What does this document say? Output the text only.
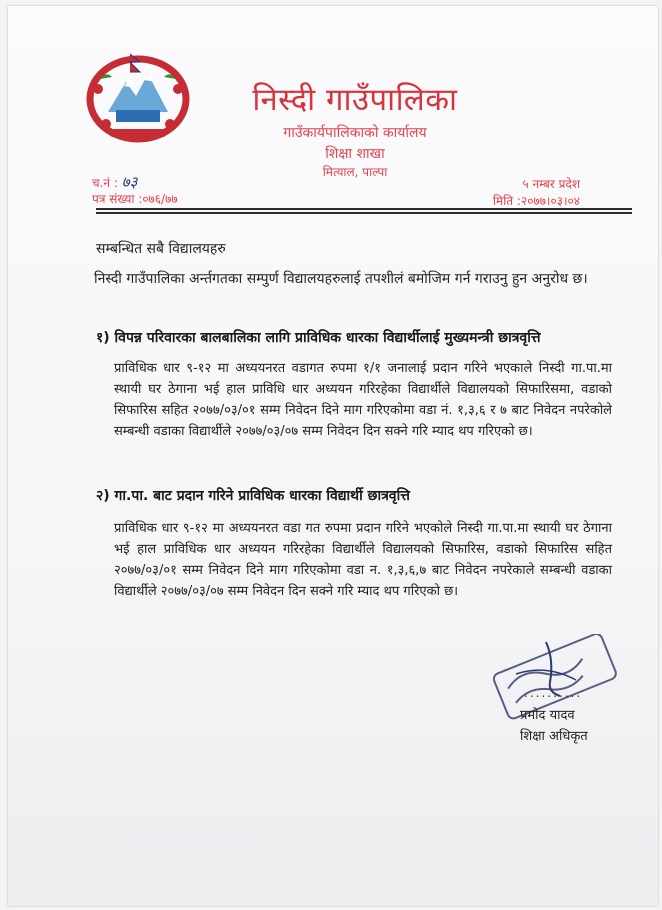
निस्दी गाउँपालिका
गाउँकार्यपालिकाको कार्यालय
शिक्षा शाखा
मित्याल, पाल्पा
च.नं : ७३
पत्र संख्या :०७६/७७
५ नम्बर प्रदेश
मिति :२०७७।०३।०४
सम्बन्धित सबै विद्यालयहरु
निस्दी गाउँपालिका अर्न्तगतका सम्पुर्ण विद्यालयहरुलाई तपशीलं बमोजिम गर्न गराउनु हुन अनुरोध छ।
१) विपन्न परिवारका बालबालिका लागि प्राविधिक धारका विद्यार्थीलाई मुख्यमन्त्री छात्रवृत्ति
प्राविधिक धार ९-१२ मा अध्ययनरत वडागत रुपमा १/१ जनालाई प्रदान गरिने भएकाले निस्दी गा.पा.मा स्थायी घर ठेगाना भई हाल प्राविधि धार अध्ययन गरिरहेका विद्यार्थीले विद्यालयको सिफारिसमा, वडाको सिफारिस सहित २०७७/०३/०१ सम्म निवेदन दिने माग गरिएकोमा वडा नं. १,३,६ र ७ बाट निवेदन नपरेकोले सम्बन्धी वडाका विद्यार्थीले २०७७/०३/०७ सम्म निवेदन दिन सक्ने गरि म्याद थप गरिएको छ।
२) गा.पा. बाट प्रदान गरिने प्राविधिक धारका विद्यार्थी छात्रवृत्ति
प्राविधिक धार ९-१२ मा अध्ययनरत वडा गत रुपमा प्रदान गरिने भएकोले निस्दी गा.पा.मा स्थायी घर ठेगाना भई हाल प्राविधिक धार अध्ययन गरिरहेका विद्यार्थीले विद्यालयको सिफारिस, वडाको सिफारिस सहित २०७७/०३/०१ सम्म निवेदन दिने माग गरिएकोमा वडा न. १,३,६,७ बाट निवेदन नपरेकाले सम्बन्धी वडाका विद्यार्थीले २०७७/०३/०७ सम्म निवेदन दिन सक्ने गरि म्याद थप गरिएको छ।
..........
प्रमोद यादव
शिक्षा अधिकृत
